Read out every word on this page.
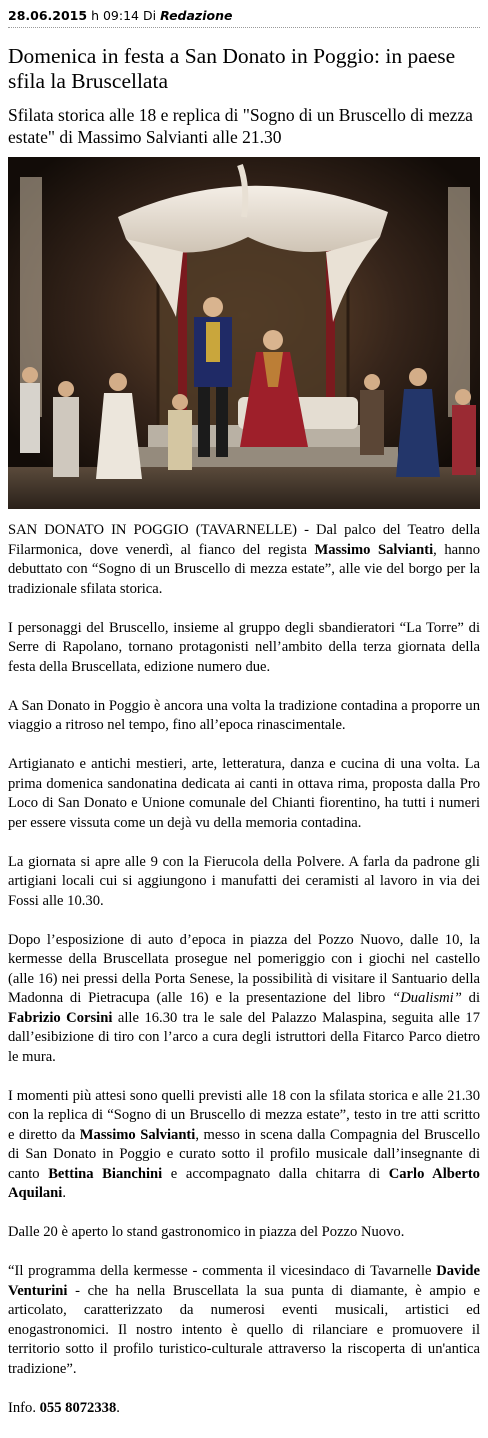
28.06.2015 h 09:14 Di Redazione
Domenica in festa a San Donato in Poggio: in paese sfila la Bruscellata

Sfilata storica alle 18 e replica di "Sogno di un Bruscello di mezza estate" di Massimo Salvianti alle 21.30

SAN DONATO IN POGGIO (TAVARNELLE) - Dal palco del Teatro della Filarmonica, dove venerdì, al fianco del regista Massimo Salvianti, hanno debuttato con “Sogno di un Bruscello di mezza estate”, alle vie del borgo per la tradizionale sfilata storica.

I personaggi del Bruscello, insieme al gruppo degli sbandieratori “La Torre” di Serre di Rapolano, tornano protagonisti nell’ambito della terza giornata della festa della Bruscellata, edizione numero due.

A San Donato in Poggio è ancora una volta la tradizione contadina a proporre un viaggio a ritroso nel tempo, fino all’epoca rinascimentale.

Artigianato e antichi mestieri, arte, letteratura, danza e cucina di una volta. La prima domenica sandonatina dedicata ai canti in ottava rima, proposta dalla Pro Loco di San Donato e Unione comunale del Chianti fiorentino, ha tutti i numeri per essere vissuta come un dejà vu della memoria contadina.

La giornata si apre alle 9 con la Fierucola della Polvere. A farla da padrone gli artigiani locali cui si aggiungono i manufatti dei ceramisti al lavoro in via dei Fossi alle 10.30.

Dopo l’esposizione di auto d’epoca in piazza del Pozzo Nuovo, dalle 10, la kermesse della Bruscellata prosegue nel pomeriggio con i giochi nel castello (alle 16) nei pressi della Porta Senese, la possibilità di visitare il Santuario della Madonna di Pietracupa (alle 16) e la presentazione del libro “Dualismi” di Fabrizio Corsini alle 16.30 tra le sale del Palazzo Malaspina, seguita alle 17 dall’esibizione di tiro con l’arco a cura degli istruttori della Fitarco Parco dietro le mura.

I momenti più attesi sono quelli previsti alle 18 con la sfilata storica e alle 21.30 con la replica di “Sogno di un Bruscello di mezza estate”, testo in tre atti scritto e diretto da Massimo Salvianti, messo in scena dalla Compagnia del Bruscello di San Donato in Poggio e curato sotto il profilo musicale dall’insegnante di canto Bettina Bianchini e accompagnato dalla chitarra di Carlo Alberto Aquilani.

Dalle 20 è aperto lo stand gastronomico in piazza del Pozzo Nuovo.

“Il programma della kermesse - commenta il vicesindaco di Tavarnelle Davide Venturini - che ha nella Bruscellata la sua punta di diamante, è ampio e articolato, caratterizzato da numerosi eventi musicali, artistici ed enogastronomici. Il nostro intento è quello di rilanciare e promuovere il territorio sotto il profilo turistico-culturale attraverso la riscoperta di un'antica tradizione”.

Info. 055 8072338.
